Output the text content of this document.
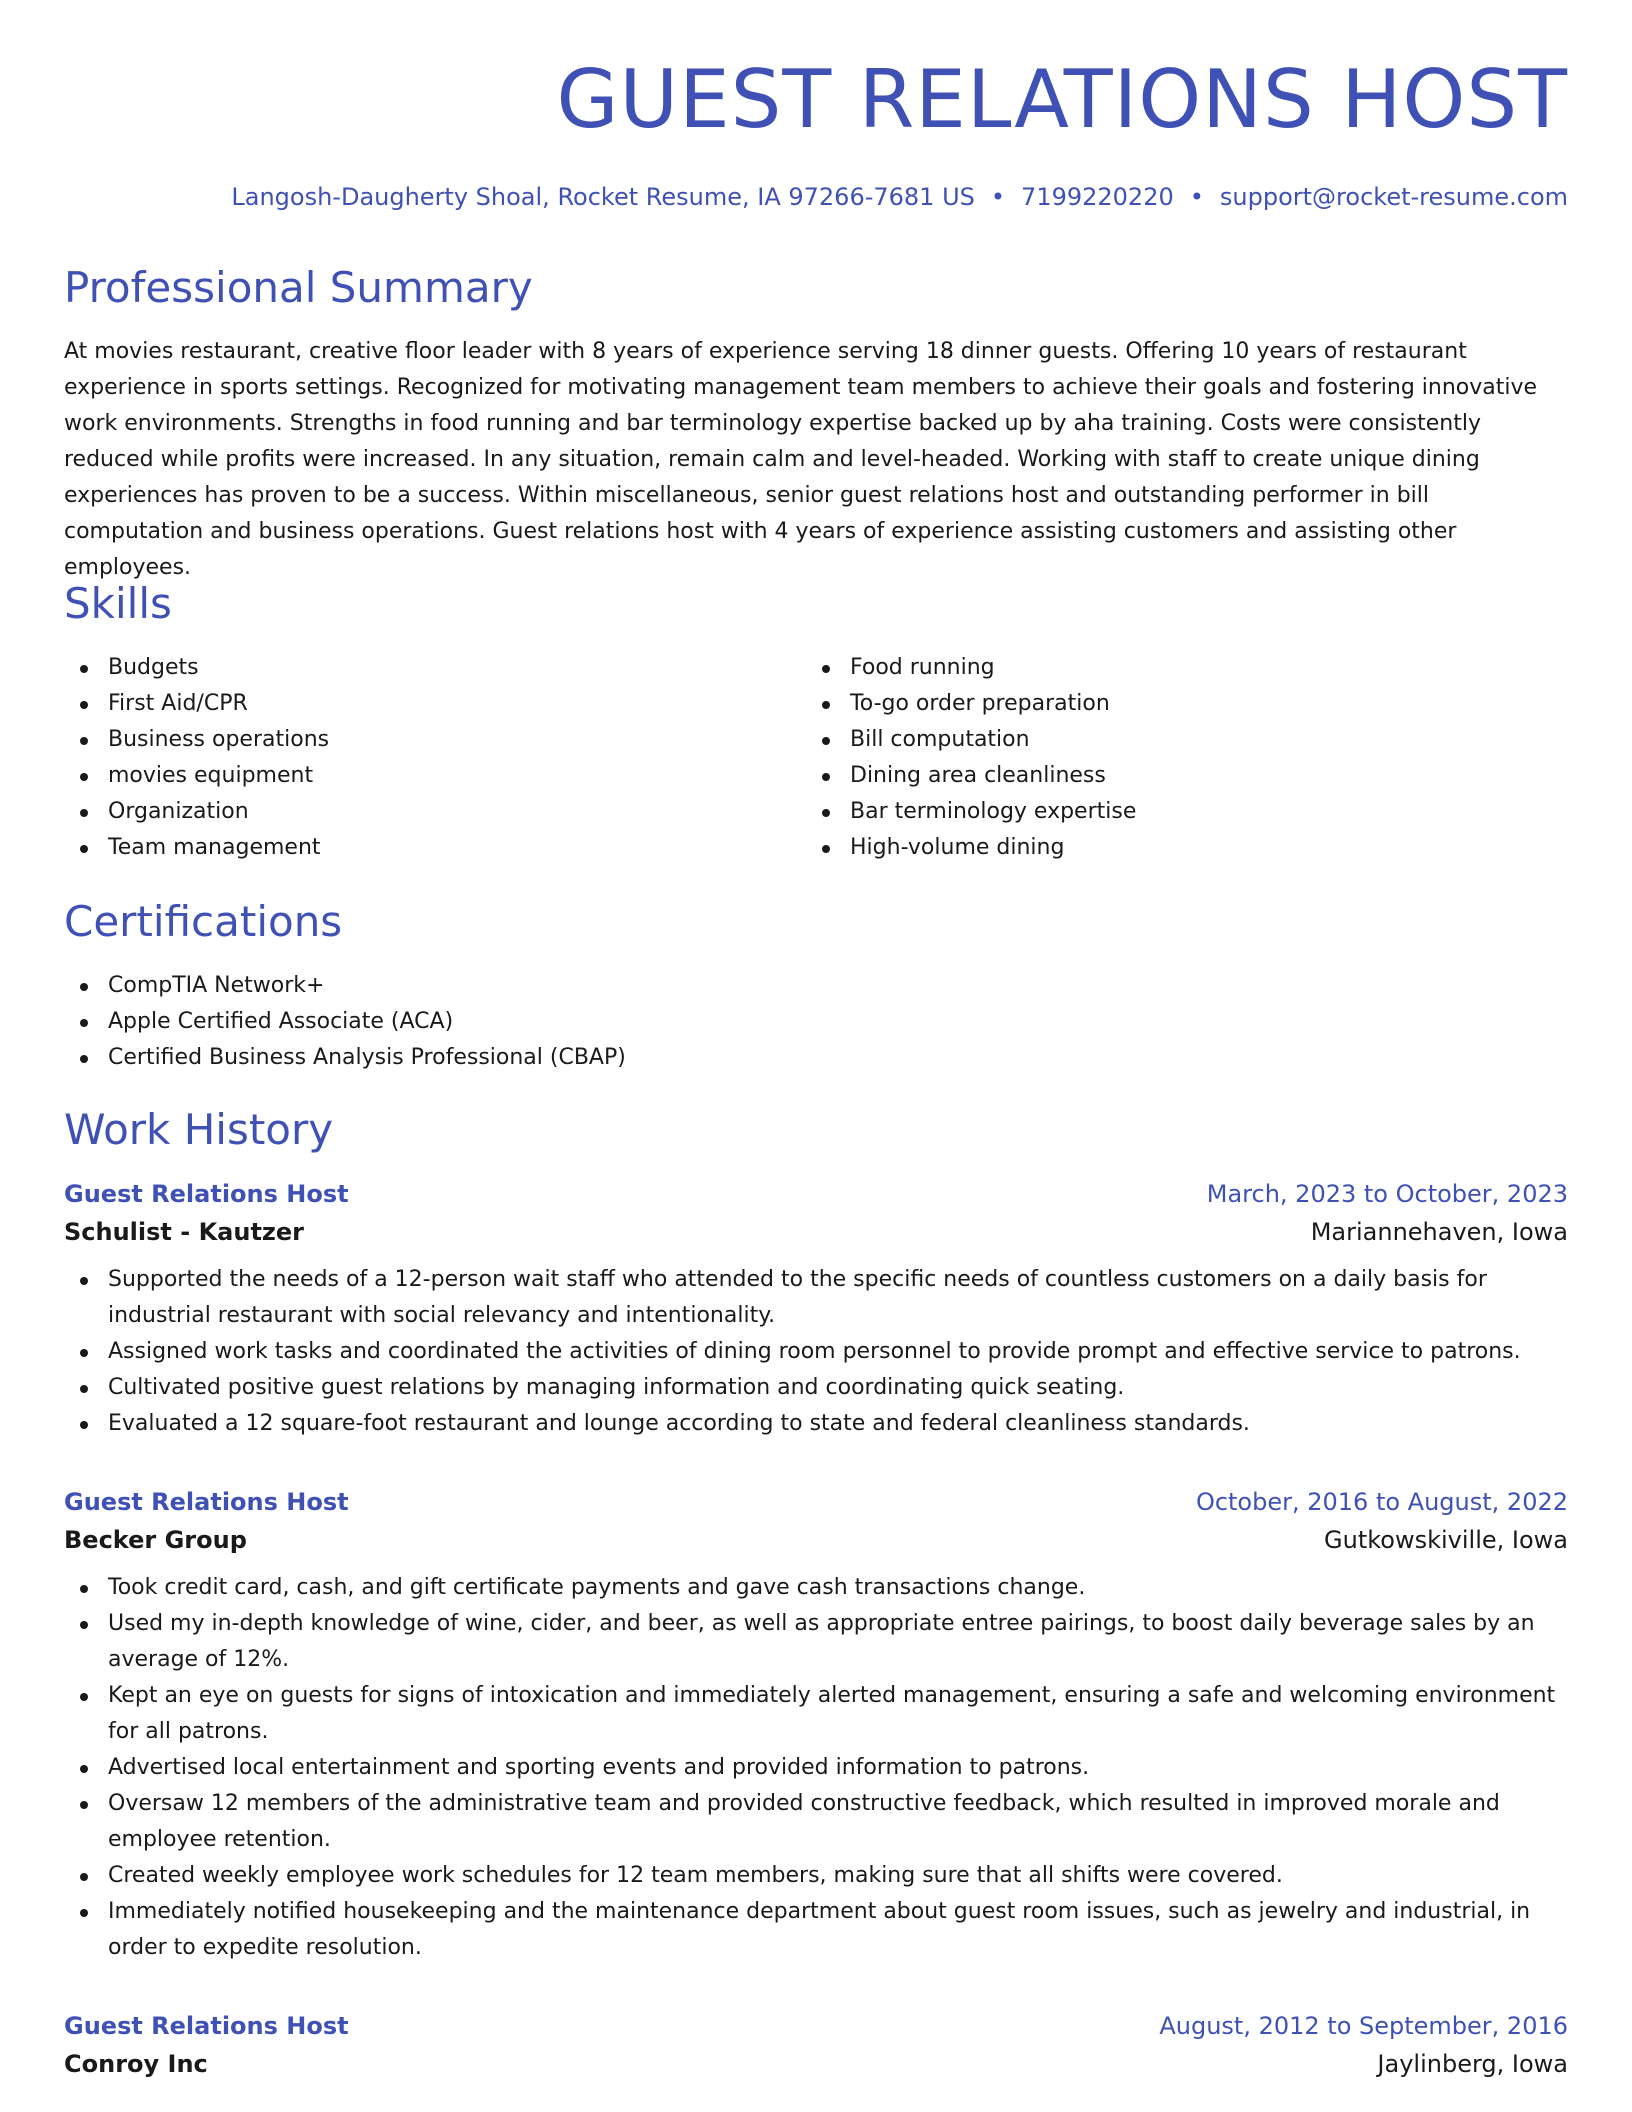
GUEST RELATIONS HOST
Langosh-Daugherty Shoal, Rocket Resume, IA 97266-7681 US • 7199220220 • support@rocket-resume.com
Professional Summary

At movies restaurant, creative floor leader with 8 years of experience serving 18 dinner guests. Offering 10 years of restaurant experience in sports settings. Recognized for motivating management team members to achieve their goals and fostering innovative work environments. Strengths in food running and bar terminology expertise backed up by aha training. Costs were consistently reduced while profits were increased. In any situation, remain calm and level-headed. Working with staff to create unique dining experiences has proven to be a success. Within miscellaneous, senior guest relations host and outstanding performer in bill computation and business operations. Guest relations host with 4 years of experience assisting customers and assisting other employees.

Skills
Budgets
First Aid/CPR
Business operations
movies equipment
Organization
Team management
Food running
To-go order preparation
Bill computation
Dining area cleanliness
Bar terminology expertise
High-volume dining
Certifications
CompTIA Network+
Apple Certified Associate (ACA)
Certified Business Analysis Professional (CBAP)
Work History
Guest Relations Host	March, 2023 to October, 2023
Schulist - Kautzer	Mariannehaven, Iowa
Supported the needs of a 12-person wait staff who attended to the specific needs of countless customers on a daily basis for industrial restaurant with social relevancy and intentionality.
Assigned work tasks and coordinated the activities of dining room personnel to provide prompt and effective service to patrons.
Cultivated positive guest relations by managing information and coordinating quick seating.
Evaluated a 12 square-foot restaurant and lounge according to state and federal cleanliness standards.
Guest Relations Host	October, 2016 to August, 2022
Becker Group	Gutkowskiville, Iowa
Took credit card, cash, and gift certificate payments and gave cash transactions change.
Used my in-depth knowledge of wine, cider, and beer, as well as appropriate entree pairings, to boost daily beverage sales by an average of 12%.
Kept an eye on guests for signs of intoxication and immediately alerted management, ensuring a safe and welcoming environment for all patrons.
Advertised local entertainment and sporting events and provided information to patrons.
Oversaw 12 members of the administrative team and provided constructive feedback, which resulted in improved morale and employee retention.
Created weekly employee work schedules for 12 team members, making sure that all shifts were covered.
Immediately notified housekeeping and the maintenance department about guest room issues, such as jewelry and industrial, in order to expedite resolution.
Guest Relations Host	August, 2012 to September, 2016
Conroy Inc	Jaylinberg, Iowa
